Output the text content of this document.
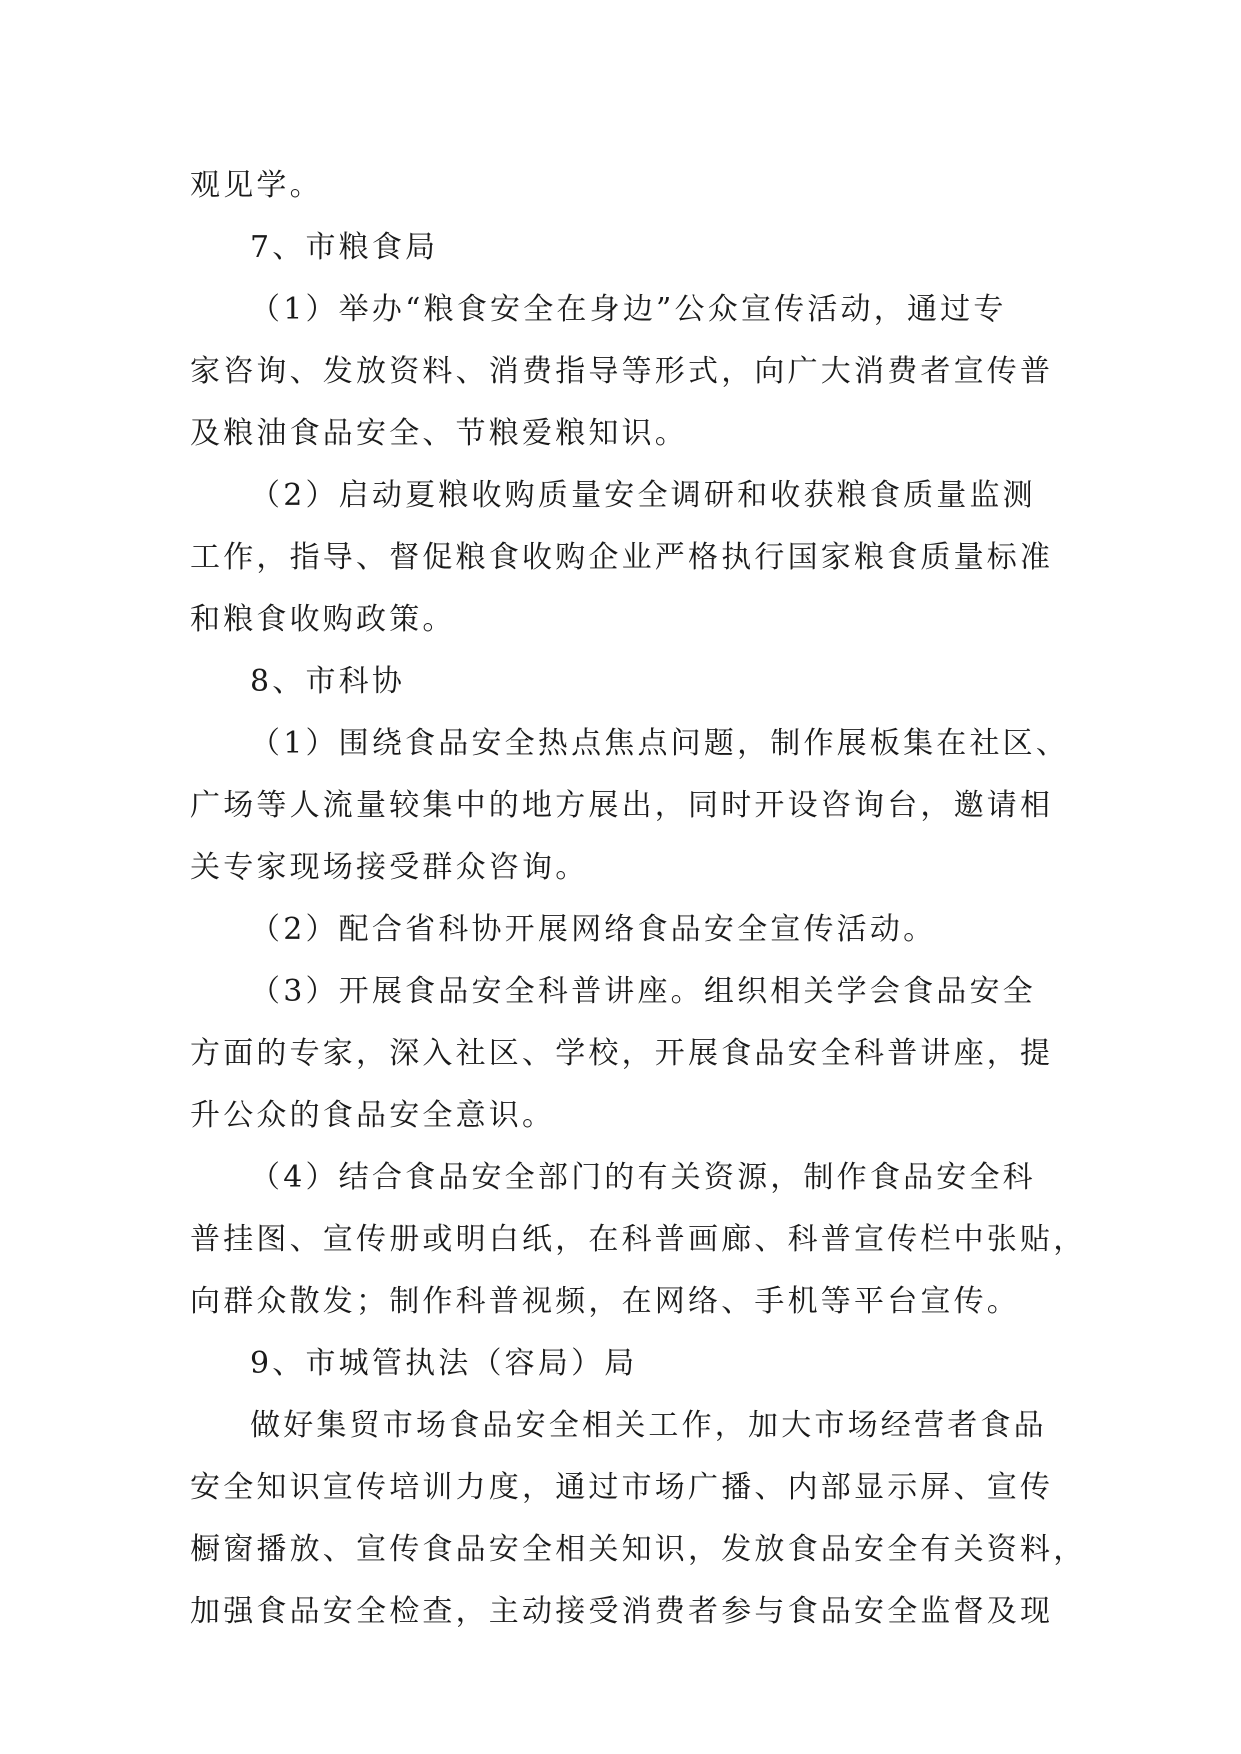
观见学。
7、市粮食局
（1）举办“粮食安全在身边”公众宣传活动，通过专
家咨询、发放资料、消费指导等形式，向广大消费者宣传普
及粮油食品安全、节粮爱粮知识。
（2）启动夏粮收购质量安全调研和收获粮食质量监测
工作，指导、督促粮食收购企业严格执行国家粮食质量标准
和粮食收购政策。
8、市科协
（1）围绕食品安全热点焦点问题，制作展板集在社区、
广场等人流量较集中的地方展出，同时开设咨询台，邀请相
关专家现场接受群众咨询。
（2）配合省科协开展网络食品安全宣传活动。
（3）开展食品安全科普讲座。组织相关学会食品安全
方面的专家，深入社区、学校，开展食品安全科普讲座，提
升公众的食品安全意识。
（4）结合食品安全部门的有关资源，制作食品安全科
普挂图、宣传册或明白纸，在科普画廊、科普宣传栏中张贴，
向群众散发；制作科普视频，在网络、手机等平台宣传。
9、市城管执法（容局）局
做好集贸市场食品安全相关工作，加大市场经营者食品
安全知识宣传培训力度，通过市场广播、内部显示屏、宣传
橱窗播放、宣传食品安全相关知识，发放食品安全有关资料，
加强食品安全检查，主动接受消费者参与食品安全监督及现
